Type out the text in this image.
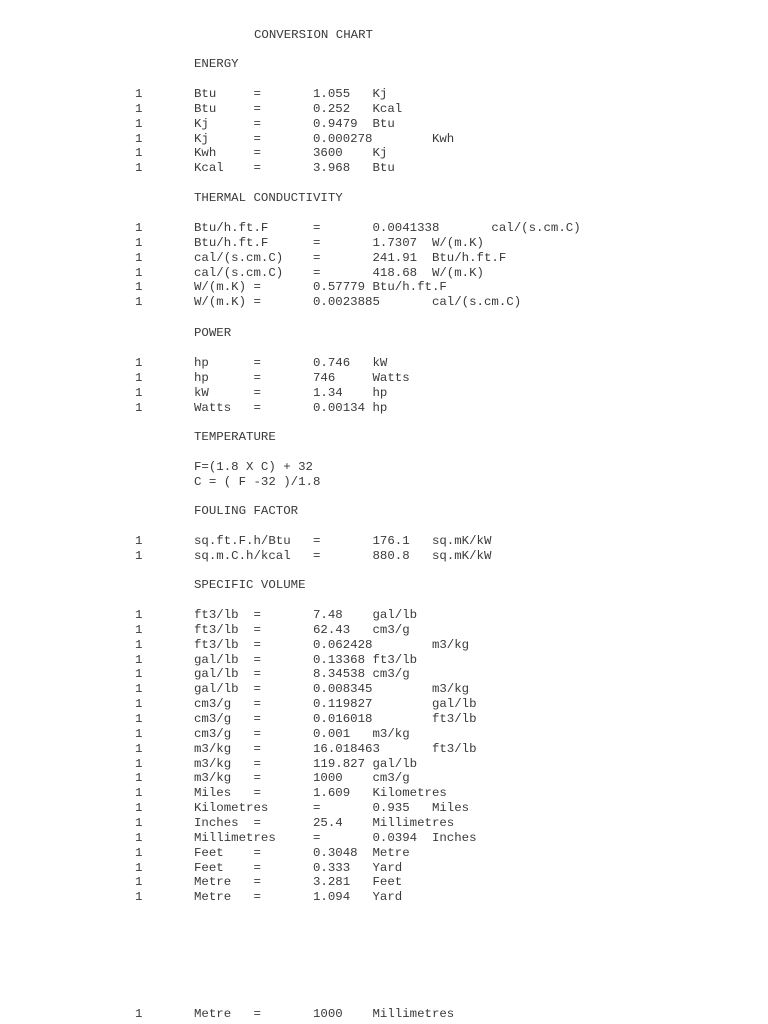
CONVERSION CHART
ENERGY
1	Btu     =       1.055   Kj
1	Btu     =       0.252   Kcal
1	Kj      =       0.9479  Btu
1	Kj      =       0.000278        Kwh
1	Kwh     =       3600    Kj
1	Kcal    =       3.968   Btu
THERMAL CONDUCTIVITY
1	Btu/h.ft.F      =       0.0041338       cal/(s.cm.C)
1	Btu/h.ft.F      =       1.7307  W/(m.K)
1	cal/(s.cm.C)    =       241.91  Btu/h.ft.F
1	cal/(s.cm.C)    =       418.68  W/(m.K)
1	W/(m.K) =       0.57779 Btu/h.ft.F
1	W/(m.K) =       0.0023885       cal/(s.cm.C)
POWER
1	hp      =       0.746   kW
1	hp      =       746     Watts
1	kW      =       1.34    hp
1	Watts   =       0.00134 hp
TEMPERATURE
F=(1.8 X C) + 32
C = ( F -32 )/1.8
FOULING FACTOR
1	sq.ft.F.h/Btu   =       176.1   sq.mK/kW
1	sq.m.C.h/kcal   =       880.8   sq.mK/kW
SPECIFIC VOLUME
1	ft3/lb  =       7.48    gal/lb
1	ft3/lb  =       62.43   cm3/g
1	ft3/lb  =       0.062428        m3/kg
1	gal/lb  =       0.13368 ft3/lb
1	gal/lb  =       8.34538 cm3/g
1	gal/lb  =       0.008345        m3/kg
1	cm3/g   =       0.119827        gal/lb
1	cm3/g   =       0.016018        ft3/lb
1	cm3/g   =       0.001   m3/kg
1	m3/kg   =       16.018463       ft3/lb
1	m3/kg   =       119.827 gal/lb
1	m3/kg   =       1000    cm3/g
1	Miles   =       1.609   Kilometres
1	Kilometres      =       0.935   Miles
1	Inches  =       25.4    Millimetres
1	Millimetres     =       0.0394  Inches
1	Feet    =       0.3048  Metre
1	Feet    =       0.333   Yard
1	Metre   =       3.281   Feet
1	Metre   =       1.094   Yard
1	Metre   =       1000    Millimetres
